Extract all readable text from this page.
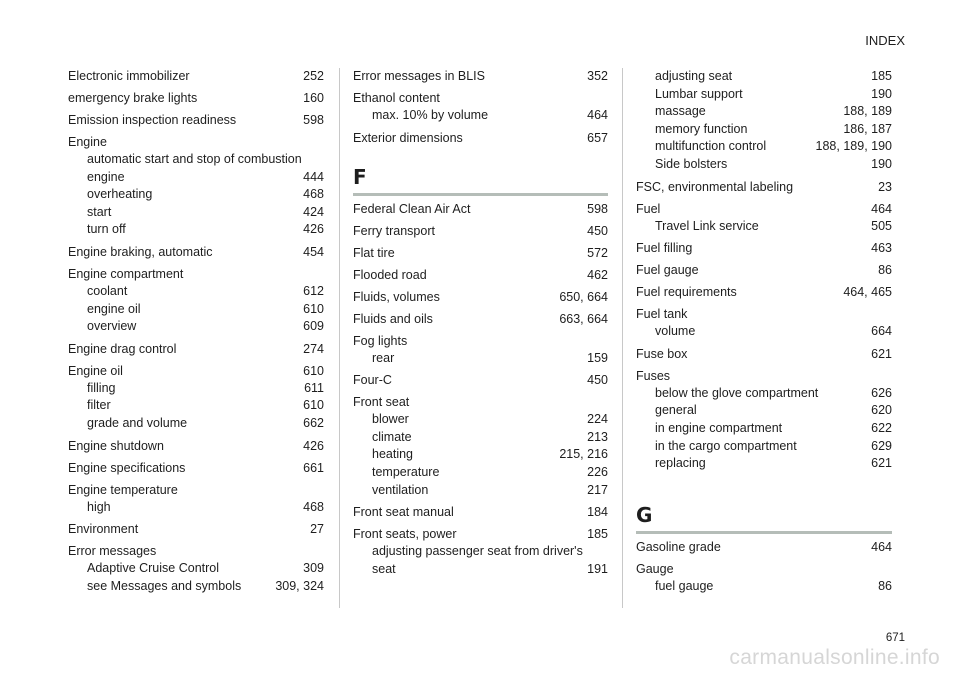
INDEX
Electronic immobilizer	252
emergency brake lights	160
Emission inspection readiness	598
Engine
automatic start and stop of combustion
engine	444
overheating	468
start	424
turn off	426
Engine braking, automatic	454
Engine compartment
coolant	612
engine oil	610
overview	609
Engine drag control	274
Engine oil	610
filling	611
filter	610
grade and volume	662
Engine shutdown	426
Engine specifications	661
Engine temperature
high	468
Environment	27
Error messages
Adaptive Cruise Control	309
see Messages and symbols	309, 324
Error messages in BLIS	352
Ethanol content
max. 10% by volume	464
Exterior dimensions	657
F
Federal Clean Air Act	598
Ferry transport	450
Flat tire	572
Flooded road	462
Fluids, volumes	650, 664
Fluids and oils	663, 664
Fog lights
rear	159
Four-C	450
Front seat
blower	224
climate	213
heating	215, 216
temperature	226
ventilation	217
Front seat manual	184
Front seats, power	185
adjusting passenger seat from driver's
seat	191
adjusting seat	185
Lumbar support	190
massage	188, 189
memory function	186, 187
multifunction control	188, 189, 190
Side bolsters	190
FSC, environmental labeling	23
Fuel	464
Travel Link service	505
Fuel filling	463
Fuel gauge	86
Fuel requirements	464, 465
Fuel tank
volume	664
Fuse box	621
Fuses
below the glove compartment	626
general	620
in engine compartment	622
in the cargo compartment	629
replacing	621
G
Gasoline grade	464
Gauge
fuel gauge	86
671
carmanualsonline.info
